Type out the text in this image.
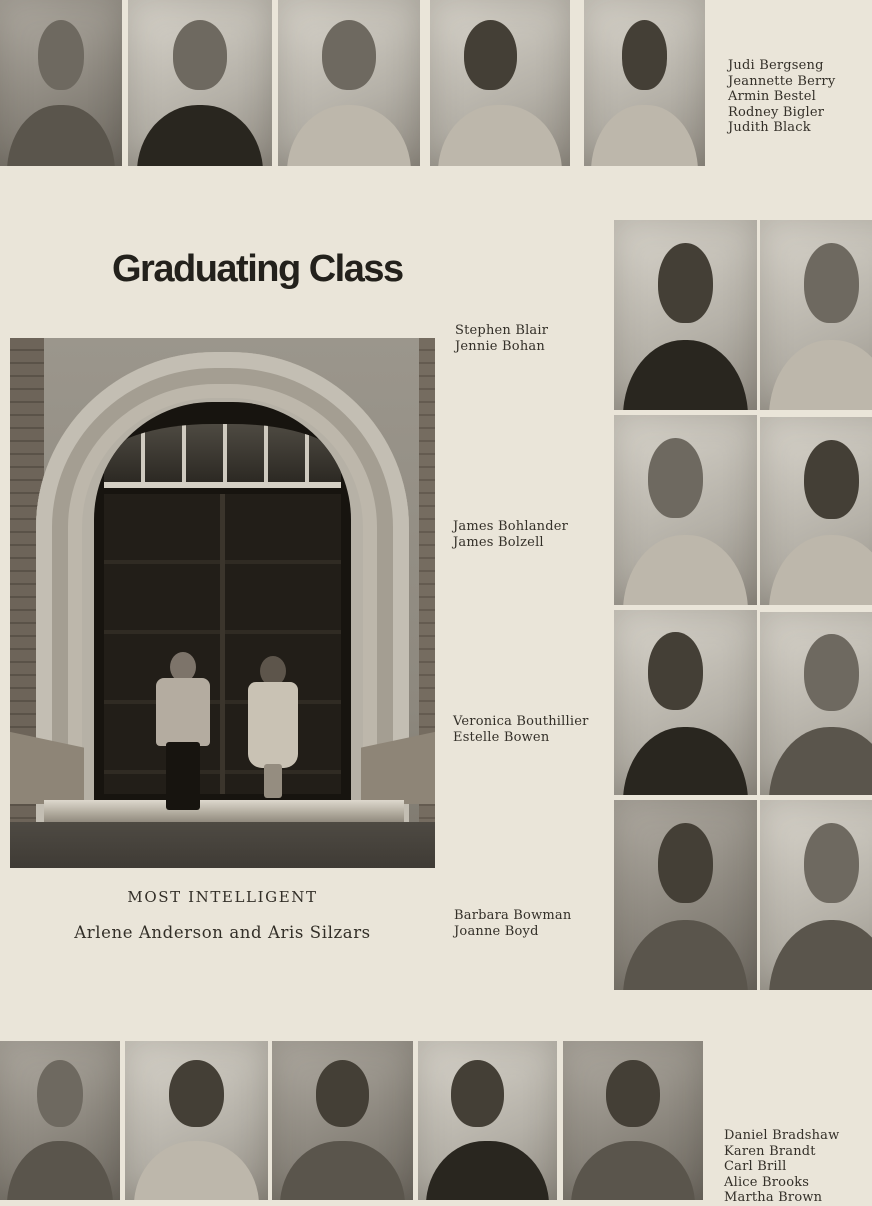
Judi Bergseng
Jeannette Berry
Armin Bestel
Rodney Bigler
Judith Black
Graduating Class

MOST INTELLIGENT

Arlene Anderson and Aris Silzars

Stephen Blair
Jennie Bohan
James Bohlander
James Bolzell
Veronica Bouthillier
Estelle Bowen
Barbara Bowman
Joanne Boyd
Daniel Bradshaw
Karen Brandt
Carl Brill
Alice Brooks
Martha Brown
